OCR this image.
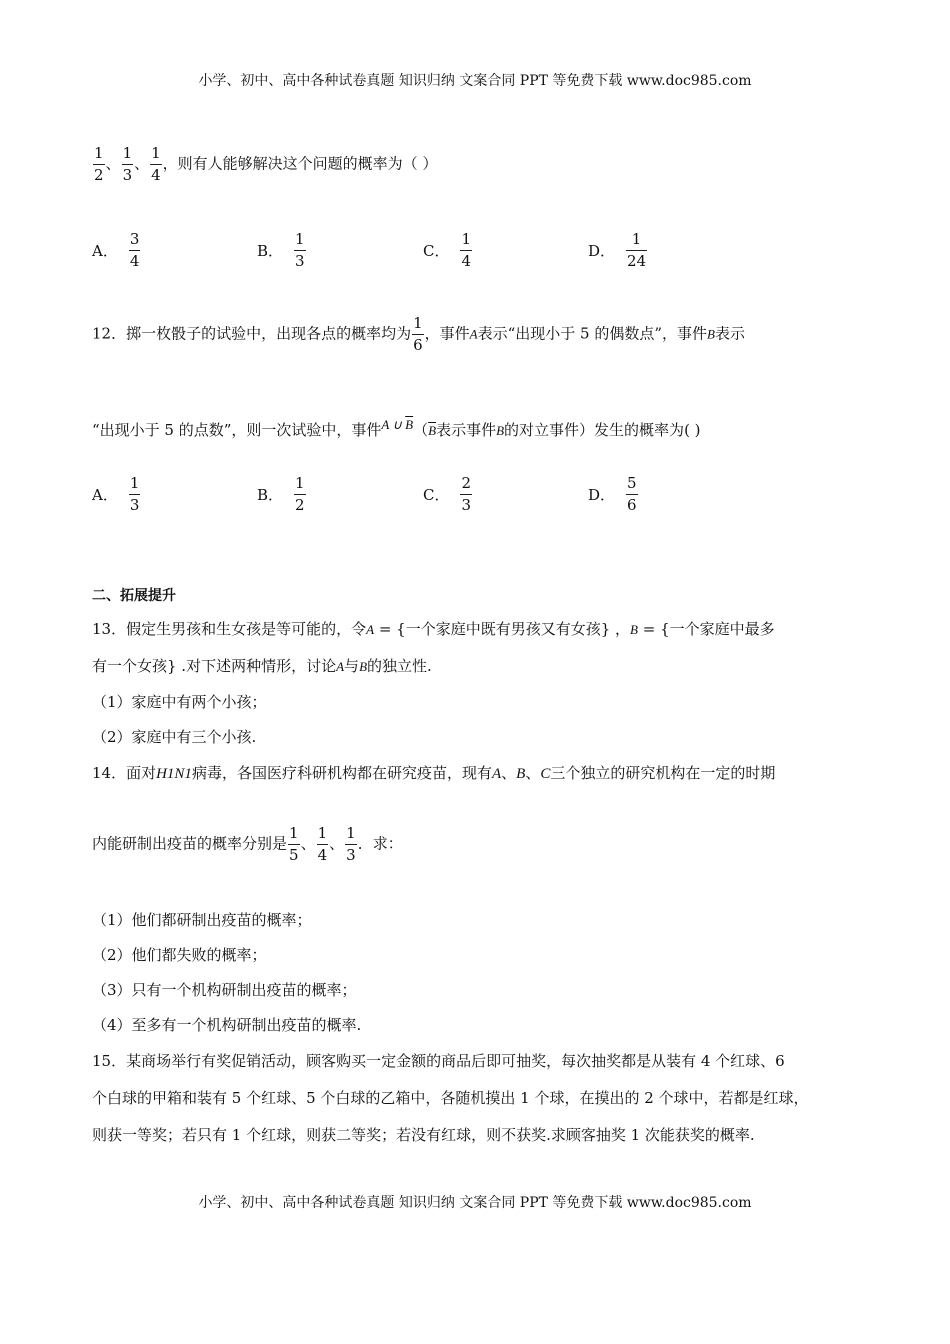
小学、初中、高中各种试卷真题 知识归纳 文案合同 PPT 等免费下载 www.doc985.com
$\frac{1}{2}$ 、 $\frac{1}{3}$ 、 $\frac{1}{4}$ ，则有人能够解决这个问题的概率为（ ）
A． $\frac{3}{4}$	B． $\frac{1}{3}$	C． $\frac{1}{4}$	D． $\frac{1}{24}$
12．掷一枚骰子的试验中，出现各点的概率均为 $\frac{1}{6}$ ，事件A表示“出现小于 5 的偶数点”，事件B表示
“出现小于 5 的点数”，则一次试验中，事件A ∪ $\overline{B}(\overline{B}$表示事件B的对立事件）发生的概率为( )
A． $\frac{1}{3}$	B． $\frac{1}{2}$	C． $\frac{2}{3}$	D． $\frac{5}{6}$
二、拓展提升
13．假定生男孩和生女孩是等可能的，令A = {一个家庭中既有男孩又有女孩} ，B = {一个家庭中最多
有一个女孩} .对下述两种情形，讨论A与B的独立性.
（1）家庭中有两个小孩；
（2）家庭中有三个小孩.
14．面对H1N1病毒，各国医疗科研机构都在研究疫苗，现有A、B、C三个独立的研究机构在一定的时期
内能研制出疫苗的概率分别是 $\frac{1}{5}$ 、 $\frac{1}{4}$ 、 $\frac{1}{3}$ ．求：
（1）他们都研制出疫苗的概率；
（2）他们都失败的概率；
（3）只有一个机构研制出疫苗的概率；
（4）至多有一个机构研制出疫苗的概率.
15．某商场举行有奖促销活动，顾客购买一定金额的商品后即可抽奖，每次抽奖都是从装有 4 个红球、6
个白球的甲箱和装有 5 个红球、5 个白球的乙箱中，各随机摸出 1 个球，在摸出的 2 个球中，若都是红球，
则获一等奖；若只有 1 个红球，则获二等奖；若没有红球，则不获奖.求顾客抽奖 1 次能获奖的概率.
小学、初中、高中各种试卷真题 知识归纳 文案合同 PPT 等免费下载 www.doc985.com
